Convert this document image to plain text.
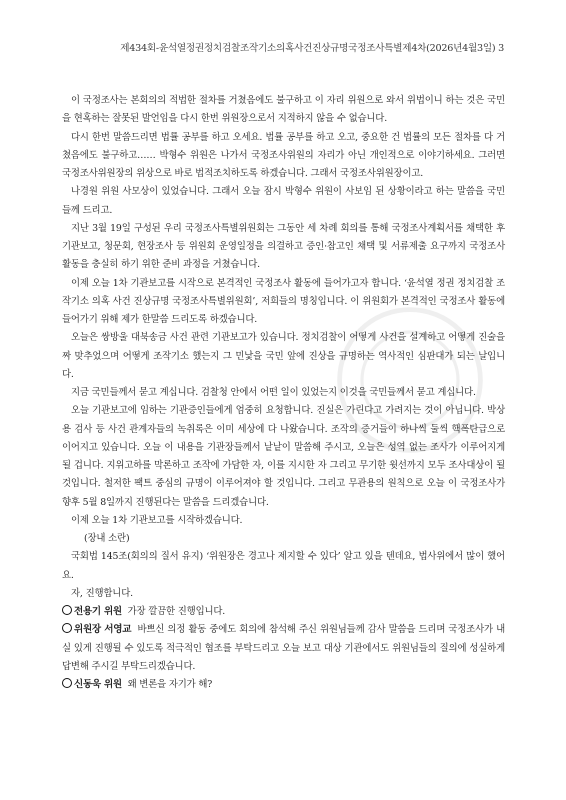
제434회-윤석열정권정치검찰조작기소의혹사건진상규명국정조사특별제4차(2026년4월3일) 3

이 국정조사는 본회의의 적법한 절차를 거쳤음에도 불구하고 이 자리 위원으로 와서 위법이니 하는 것은 국민을 현혹하는 잘못된 발언임을 다시 한번 위원장으로서 지적하지 않을 수 없습니다.

다시 한번 말씀드리면 법률 공부를 하고 오세요. 법률 공부를 하고 오고, 중요한 건 법률의 모든 절차를 다 거쳤음에도 불구하고…… 박형수 위원은 나가서 국정조사위원의 자리가 아닌 개인적으로 이야기하세요. 그러면 국정조사위원장의 위상으로 바로 법적조치하도록 하겠습니다. 그래서 국정조사위원장이고.

나경원 위원 사모상이 있었습니다. 그래서 오늘 잠시 박형수 위원이 사보임 된 상황이라고 하는 말씀을 국민들께 드리고.

지난 3월 19일 구성된 우리 국정조사특별위원회는 그동안 세 차례 회의를 통해 국정조사계획서를 채택한 후 기관보고, 청문회, 현장조사 등 위원회 운영일정을 의결하고 증인·참고인 채택 및 서류제출 요구까지 국정조사 활동을 충실히 하기 위한 준비 과정을 거쳤습니다.

이제 오늘 1차 기관보고를 시작으로 본격적인 국정조사 활동에 들어가고자 합니다. ‘윤석열 정권 정치검찰 조작기소 의혹 사건 진상규명 국정조사특별위원회’, 저희들의 명칭입니다. 이 위원회가 본격적인 국정조사 활동에 들어가기 위해 제가 한말씀 드리도록 하겠습니다.

오늘은 쌍방울 대북송금 사건 관련 기관보고가 있습니다. 정치검찰이 어떻게 사건을 설계하고 어떻게 진술을 짜 맞추었으며 어떻게 조작기소 했는지 그 민낯을 국민 앞에 진상을 규명하는 역사적인 심판대가 되는 날입니다.

지금 국민들께서 묻고 계십니다. 검찰청 안에서 어떤 일이 있었는지 이것을 국민들께서 묻고 계십니다.

오늘 기관보고에 임하는 기관증인들에게 엄중히 요청합니다. 진실은 가린다고 가려지는 것이 아닙니다. 박상용 검사 등 사건 관계자들의 녹취록은 이미 세상에 다 나왔습니다. 조작의 증거들이 하나씩 둘씩 핵폭탄급으로 이어지고 있습니다. 오늘 이 내용을 기관장들께서 낱낱이 말씀해 주시고, 오늘은 성역 없는 조사가 이루어지게 될 겁니다. 지위고하를 막론하고 조작에 가담한 자, 이를 지시한 자 그리고 무기한 윗선까지 모두 조사대상이 될 것입니다. 철저한 팩트 중심의 규명이 이루어져야 할 것입니다. 그리고 무관용의 원칙으로 오늘 이 국정조사가 향후 5월 8일까지 진행된다는 말씀을 드리겠습니다.

이제 오늘 1차 기관보고를 시작하겠습니다.

(장내 소란)

국회법 145조(회의의 질서 유지) ‘위원장은 경고나 제지할 수 있다’ 알고 있을 텐데요, 법사위에서 많이 했어요.

자, 진행합니다.

전용기 위원 가장 깔끔한 진행입니다.

위원장 서영교 바쁘신 의정 활동 중에도 회의에 참석해 주신 위원님들께 감사 말씀을 드리며 국정조사가 내실 있게 진행될 수 있도록 적극적인 협조를 부탁드리고 오늘 보고 대상 기관에서도 위원님들의 질의에 성실하게 답변해 주시길 부탁드리겠습니다.

신동욱 위원 왜 변론을 자기가 해?
